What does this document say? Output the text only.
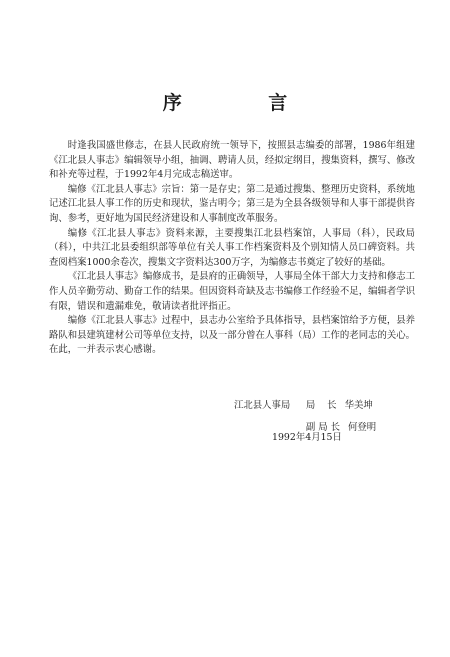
序 言

时逢我国盛世修志，在县人民政府统一领导下，按照县志编委的部署，1986年组建《江北县人事志》编辑领导小组，抽调、聘请人员，经拟定纲目，搜集资料，撰写、修改和补充等过程，于1992年4月完成志稿送审。

编修《江北县人事志》宗旨：第一是存史；第二是通过搜集、整理历史资料，系统地记述江北县人事工作的历史和现状，鉴古明今；第三是为全县各级领导和人事干部提供咨询、参考，更好地为国民经济建设和人事制度改革服务。

编修《江北县人事志》资料来源，主要搜集江北县档案馆，人事局（科），民政局（科），中共江北县委组织部等单位有关人事工作档案资料及个别知情人员口碑资料。共查阅档案1000余卷次，搜集文字资料达300万字，为编修志书奠定了较好的基础。

《江北县人事志》编修成书，是县府的正确领导，人事局全体干部大力支持和修志工作人员辛勤劳动、勤奋工作的结果。但因资料奇缺及志书编修工作经验不足，编辑者学识有限，错误和遗漏难免，敬请读者批评指正。

编修《江北县人事志》过程中，县志办公室给予具体指导，县档案馆给予方便，县养路队和县建筑建材公司等单位支持，以及一部分曾在人事科（局）工作的老同志的关心。在此，一并表示衷心感谢。

江北县人事局	局    长 华美坤

副 局 长 何登明

1992年4月15日
